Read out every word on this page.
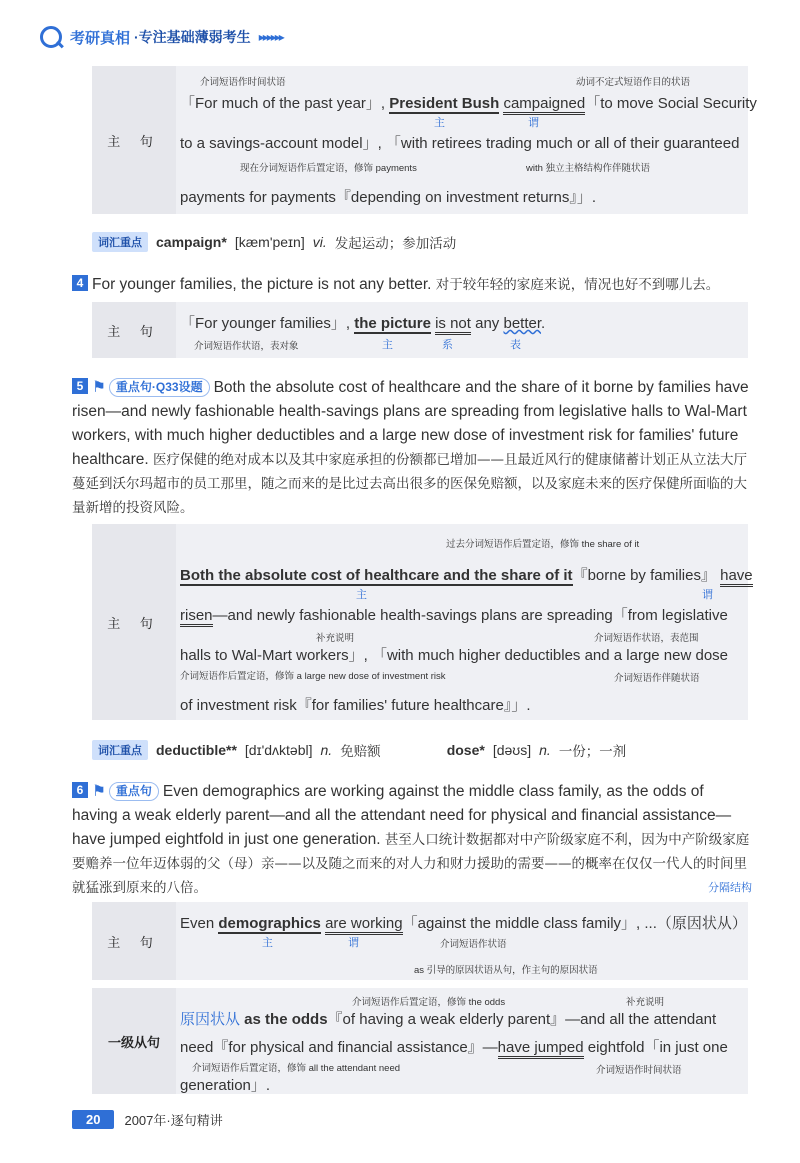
考研真相 ·专注基础薄弱考生 ▸▸▸▸▸▸
主 句
介词短语作时间状语	动词不定式短语作目的状语
「For much of the past year」, President Bush campaigned「to move Social Security
主	谓
to a savings-account model」, 「with retirees trading much or all of their guaranteed
现在分词短语作后置定语，修饰 payments	with 独立主格结构作伴随状语
payments for payments『depending on investment returns』」.
词汇重点	campaign* [kæm'peɪn] vi. 发起运动；参加活动
4 For younger families, the picture is not any better. 对于较年轻的家庭来说，情况也好不到哪儿去。
主 句	「For younger families」, the picture is not any better.
介词短语作状语，表对象	主	系	表
5 ⚑ 重点句·Q33设题 Both the absolute cost of healthcare and the share of it borne by families have risen—and newly fashionable health-savings plans are spreading from legislative halls to Wal-Mart workers, with much higher deductibles and a large new dose of investment risk for families' future healthcare. 医疗保健的绝对成本以及其中家庭承担的份额都已增加——且最近风行的健康储蓄计划正从立法大厅蔓延到沃尔玛超市的员工那里，随之而来的是比过去高出很多的医保免赔额，以及家庭未来的医疗保健所面临的大量新增的投资风险。
主 句
过去分词短语作后置定语，修饰 the share of it
Both the absolute cost of healthcare and the share of it『borne by families』 have
主	谓
risen—and newly fashionable health-savings plans are spreading「from legislative
补充说明	介词短语作状语，表范围
halls to Wal-Mart workers」, 「with much higher deductibles and a large new dose
介词短语作后置定语，修饰 a large new dose of investment risk	介词短语作伴随状语
of investment risk『for families' future healthcare』」.
词汇重点	deductible** [dɪ'dʌktəbl] n. 免赔额	dose* [dəʊs] n. 一份；一剂
6 ⚑ 重点句 Even demographics are working against the middle class family, as the odds of having a weak elderly parent—and all the attendant need for physical and financial assistance—have jumped eightfold in just one generation. 甚至人口统计数据都对中产阶级家庭不利，因为中产阶级家庭要赡养一位年迈体弱的父（母）亲——以及随之而来的对人力和财力援助的需要——的概率在仅仅一代人的时间里就猛涨到原来的八倍。	分隔结构
主 句
Even demographics are working「against the middle class family」, ...（原因状从）
主	谓	介词短语作状语
as 引导的原因状语从句，作主句的原因状语
一级从句
介词短语作后置定语，修饰 the odds	补充说明
原因状从 as the odds『of having a weak elderly parent』—and all the attendant
need『for physical and financial assistance』—have jumped eightfold「in just one
介词短语作后置定语，修饰 all the attendant need	介词短语作时间状语
generation」.
20	2007年·逐句精讲
